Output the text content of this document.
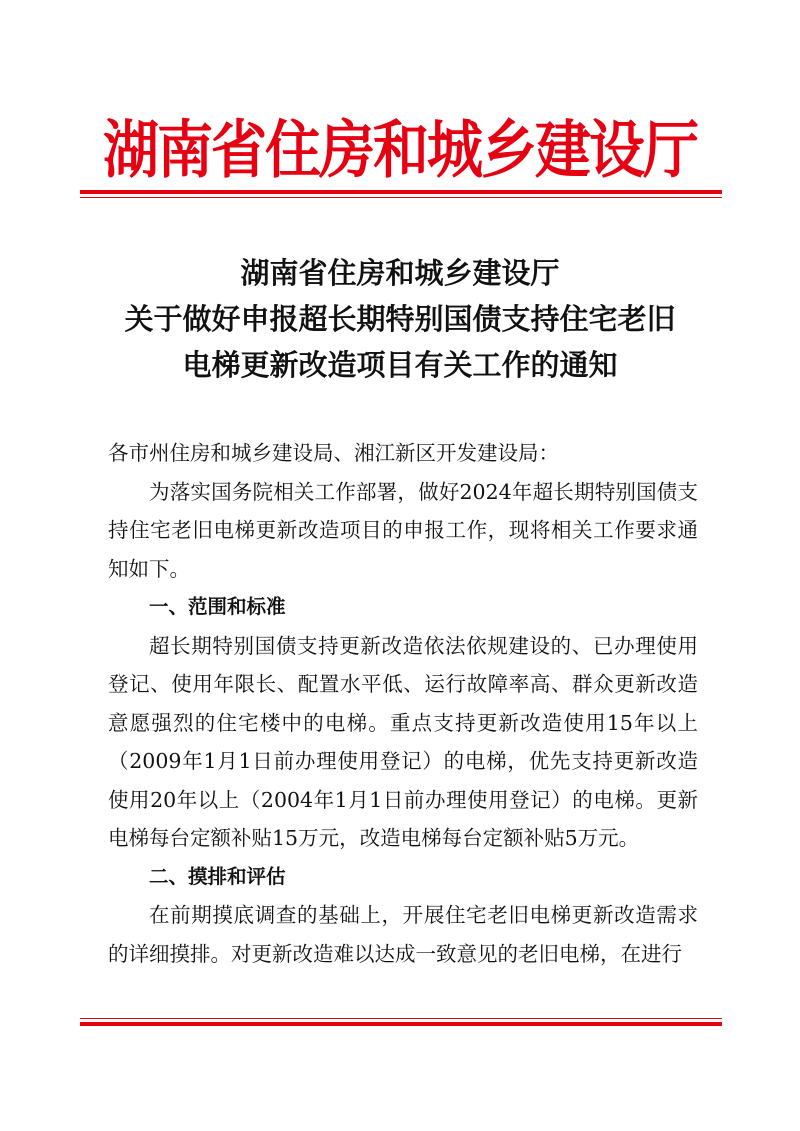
湖南省住房和城乡建设厅
湖南省住房和城乡建设厅
关于做好申报超长期特别国债支持住宅老旧
电梯更新改造项目有关工作的通知

各市州住房和城乡建设局、湘江新区开发建设局：

为落实国务院相关工作部署，做好2024年超长期特别国债支持住宅老旧电梯更新改造项目的申报工作，现将相关工作要求通知如下。

一、范围和标准

超长期特别国债支持更新改造依法依规建设的、已办理使用登记、使用年限长、配置水平低、运行故障率高、群众更新改造意愿强烈的住宅楼中的电梯。重点支持更新改造使用15年以上（2009年1月1日前办理使用登记）的电梯，优先支持更新改造使用20年以上（2004年1月1日前办理使用登记）的电梯。更新电梯每台定额补贴15万元，改造电梯每台定额补贴5万元。

二、摸排和评估

在前期摸底调查的基础上，开展住宅老旧电梯更新改造需求的详细摸排。对更新改造难以达成一致意见的老旧电梯，在进行
